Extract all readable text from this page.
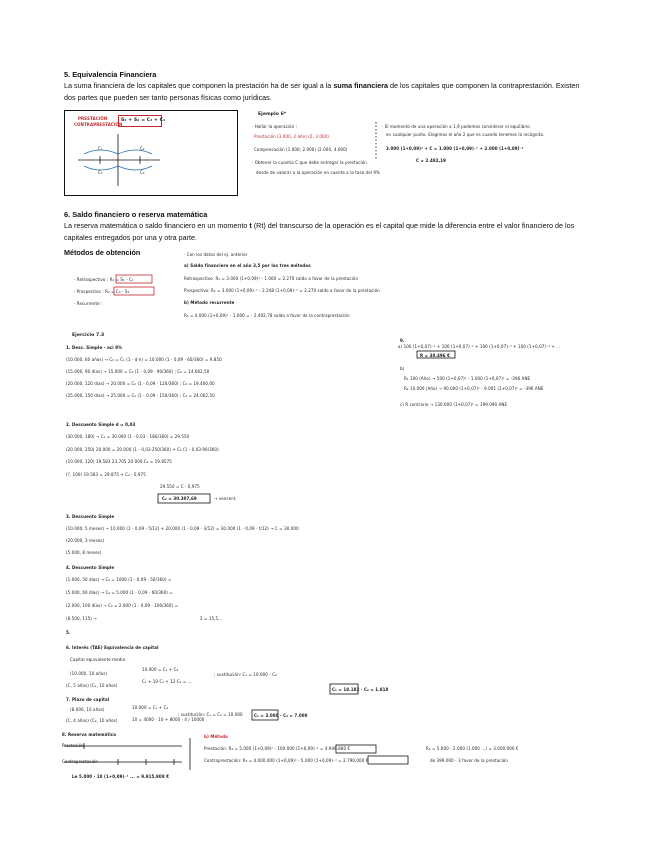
5. Equivalencia Financiera
La suma financiera de los capitales que componen la prestación ha de ser igual a la suma financiera de los capitales que componen la contraprestación. Existen dos partes que pueden ser tanto personas físicas como jurídicas.
PRESTACIÓN
CONTRAPRESTACIÓN
S₁ + S₂ = C₃ + C₄
C₁	C₂
C₃	C₄
Ejemplo 6*
· Hallar la operación :
Prestación (3.000, 2 año) (2, 3.000)
Compensación (1.000; 2.000) (2.000, 4.000)
· Obtener la cuantía C que debe entregar la prestación
desde de valorar a la operación en cuenta a la tasa del 9%
· El momento de una operación a 1,9 podemos considerar el equilibrio
en cualquier punto. Elegimos el año 2 que es cuando tenemos la incógnita.
3.000 (1+0,09)² + C = 1.000 (1+0,09)⁻¹ + 2.000 (1+0,09)⁻²
C = 2.482,19
6. Saldo financiero o reserva matemática
La reserva matemática o saldo financiero en un momento t (Rt) del transcurso de la operación es el capital que mide la diferencia entre el valor financiero de los capitales entregados por una y otra parte.
Métodos de obtención
· Retrospectivo : R₂ = S₁ - C₁
· Prospectivo : R₂ = C₃ - S₄
· Recurrente :
· Con los datos del ej. anterior
a) Saldo financiero en el año 3,5 por los tres métodos
Retrospectivo: R₂ = 3.000 (1+0,09)¹ - 1.000 = 2.270 saldo a favor de la prestación
Prospectivo: R₂ = 3.000 (1+0,09)⁻¹ - 2.248 (1+0,09)⁻² = 2.270 saldo a favor de la prestación
b) Método recurrente
R₃ = 4.000 (1+0,09)¹ - 1.000 = - 2.492,78 saldo a favor de la contraprestación
Ejercicio 7.3
1. Desc. Simple - aci 9%
(10.000, 60 años) → C₀ = C₁ (1 - d·n) = 10.000 (1 - 0,09 · 60/360) = 9.850
(15.000, 90 días) → 15.000 = C₀ (1 - 0,09 · 90/360) ; C₀ = 14.662,50
(20.000, 120 días) → 20.000 = C₀ (1 - 0,09 · 120/360) ; C₀ = 19.400,00
(25.000, 150 días) → 25.000 = C₀ (1 - 0,09 · 150/360) ; C₀ = 24.062,50
2. Descuento Simple d = 0,03
(30.000, 180) → C₁ = 30.000 (1 - 0,03 · 180/360) = 29.550
(20.000, 250) 20.000 = 20.000 (1 - 0,03·250/360) + C₂ (1 - 0,03·90/360)
(10.000, 120) 19.583 23.705 20.000 C₂ = 19.8575
(?, 100) 19.583 = 29.875 + C₂ · 0,975
29.550 = C · 0,975
C₂ = 30.307,69	→ vencerá
3. Descuento Simple
(10.000, 5 meses) → 10.000 (1 - 0,09 · 5/12) + 20.000 (1 - 0,09 · 3/12) = 30.000 (1 - 0,09 · t/12) → C = 30.000
(20.000, 3 meses)
(5.000, 8 meses)
4. Descuento Simple
(1.000, 50 días) → C₀ = 1000 (1 - 0,09 · 50/360) =
(5.000, 60 días) → C₀ = 5.000 (1 - 0,09 · 60/360) =
(2.000, 100 días) → C₀ = 2.000 (1 - 0,09 · 100/360) =
(8.500, 115) →	Σ = 15,5...
5.
6. Interés (TAE) Equivalencia de capital
Capital equivalente medio
(10.000, 10 años)
(C, 5 años) (C₁, 10 años)
10.000 = C₁ + C₂
C₁ + 10·C₁ + 12·C₂ = ...
; sustitución: C₁ = 10.000 - C₂
C₁ = 18.182 · C₂ = 1.818
7. Plazo de capital
(8.000, 10 años)
(C, 4 años) (C₂, 10 años)
10.000 = C₁ + C₂
10 = 4000 · 10 + 8000 · 4 / 10000
; sustitución: C₁ = C₂ = 10.000	C₁ = 3.000 · C₂ = 7.000
8. Reserva matemática
Prestación
Contraprestación
Le 5.000 · 10 (1+0,09)⁻³ ... = 9.915,908 €
b) Método
Prestación: R₂ = 5.000 (1+0,09)² - 100.000 (1+0,09)⁻² = 4.946.880 €
Contraprestación: R₂ = 4.000.000 (1+0,09)² - 5.000 (1+0,09)⁻¹ = 2.790.000 €
R₄ = 5.000 - 2.000 (1.000 ...) = 3.000.000 €
de 399.000 - 3 favor de la prestación
9.
a) 100 (1+0,07)⁻¹ + 100 (1+0,07)⁻² + 100 (1+0,07)⁻³ + 100 (1+0,07)⁻⁴ + ...
R = 30.496 €
b)
R₁ 100 (Año) → 500 (1+0,07)¹ - 1.000 (1+0,07)² = -396 ANE
R₂ 10.000 (Año) → 90.000 (1+0,07)¹ - 9.001 (1+0,07)² = -396 ANE
c) R contrario → 130.000 (1+0,07)¹ = 199.090 ANE
